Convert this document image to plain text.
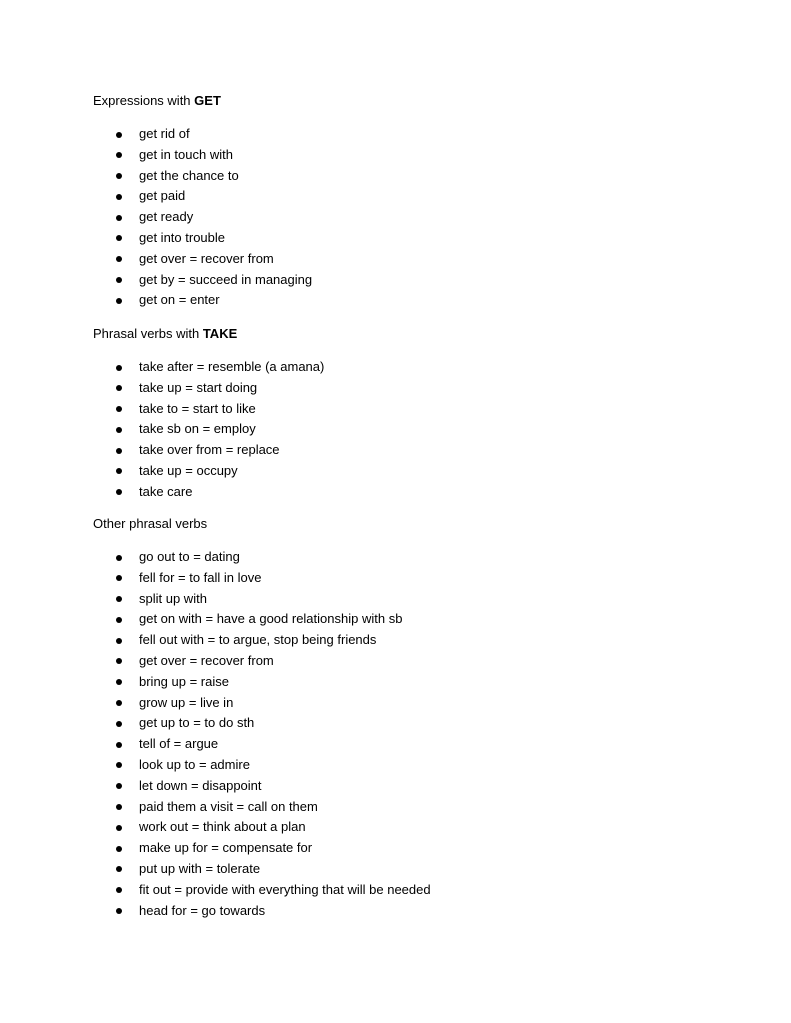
Expressions with GET
get rid of
get in touch with
get the chance to
get paid
get ready
get into trouble
get over = recover from
get by = succeed in managing
get on = enter
Phrasal verbs with TAKE
take after = resemble (a amana)
take up = start doing
take to = start to like
take sb on = employ
take over from = replace
take up = occupy
take care
Other phrasal verbs
go out to = dating
fell for = to fall in love
split up with
get on with = have a good relationship with sb
fell out with = to argue, stop being friends
get over = recover from
bring up = raise
grow up = live in
get up to = to do sth
tell of = argue
look up to = admire
let down = disappoint
paid them a visit = call on them
work out = think about a plan
make up for = compensate for
put up with = tolerate
fit out = provide with everything that will be needed
head for = go towards
